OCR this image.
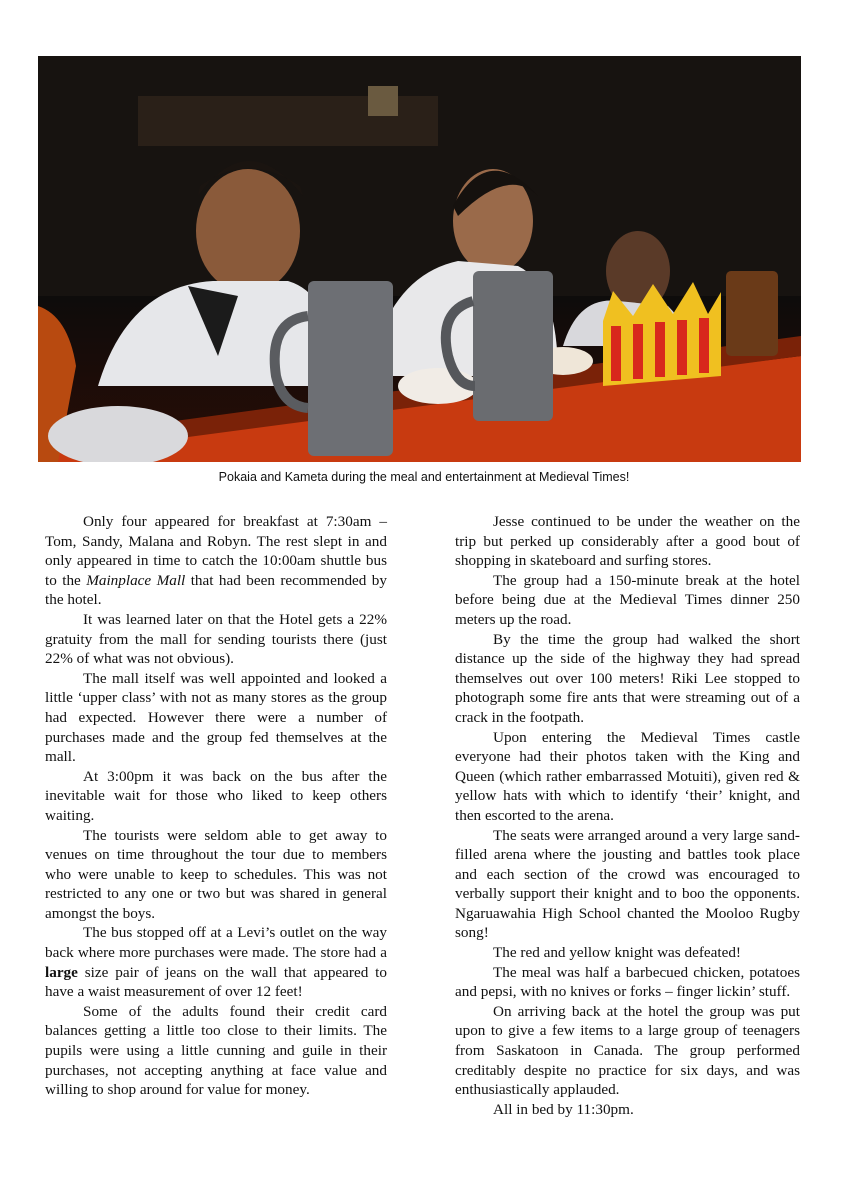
Pokaia and Kameta during the meal and entertainment at Medieval Times!

Only four appeared for breakfast at 7:30am – Tom, Sandy, Malana and Robyn. The rest slept in and only appeared in time to catch the 10:00am shuttle bus to the Mainplace Mall that had been recommended by the hotel.

It was learned later on that the Hotel gets a 22% gratuity from the mall for sending tourists there (just 22% of what was not obvious).

The mall itself was well appointed and looked a little ‘upper class’ with not as many stores as the group had expected. However there were a number of purchases made and the group fed themselves at the mall.

At 3:00pm it was back on the bus after the inevitable wait for those who liked to keep others waiting.

The tourists were seldom able to get away to venues on time throughout the tour due to members who were unable to keep to schedules. This was not restricted to any one or two but was shared in general amongst the boys.

The bus stopped off at a Levi’s outlet on the way back where more purchases were made. The store had a large size pair of jeans on the wall that appeared to have a waist measurement of over 12 feet!

Some of the adults found their credit card balances getting a little too close to their limits. The pupils were using a little cunning and guile in their purchases, not accepting anything at face value and willing to shop around for value for money.

Jesse continued to be under the weather on the trip but perked up considerably after a good bout of shopping in skateboard and surfing stores.

The group had a 150-minute break at the hotel before being due at the Medieval Times dinner 250 meters up the road.

By the time the group had walked the short distance up the side of the highway they had spread themselves out over 100 meters! Riki Lee stopped to photograph some fire ants that were streaming out of a crack in the footpath.

Upon entering the Medieval Times castle everyone had their photos taken with the King and Queen (which rather embarrassed Motuiti), given red & yellow hats with which to identify ‘their’ knight, and then escorted to the arena.

The seats were arranged around a very large sand-filled arena where the jousting and battles took place and each section of the crowd was encouraged to verbally support their knight and to boo the opponents. Ngaruawahia High School chanted the Mooloo Rugby song!

The red and yellow knight was defeated!

The meal was half a barbecued chicken, potatoes and pepsi, with no knives or forks – finger lickin’ stuff.

On arriving back at the hotel the group was put upon to give a few items to a large group of teenagers from Saskatoon in Canada. The group performed creditably despite no practice for six days, and was enthusiastically applauded.

All in bed by 11:30pm.
